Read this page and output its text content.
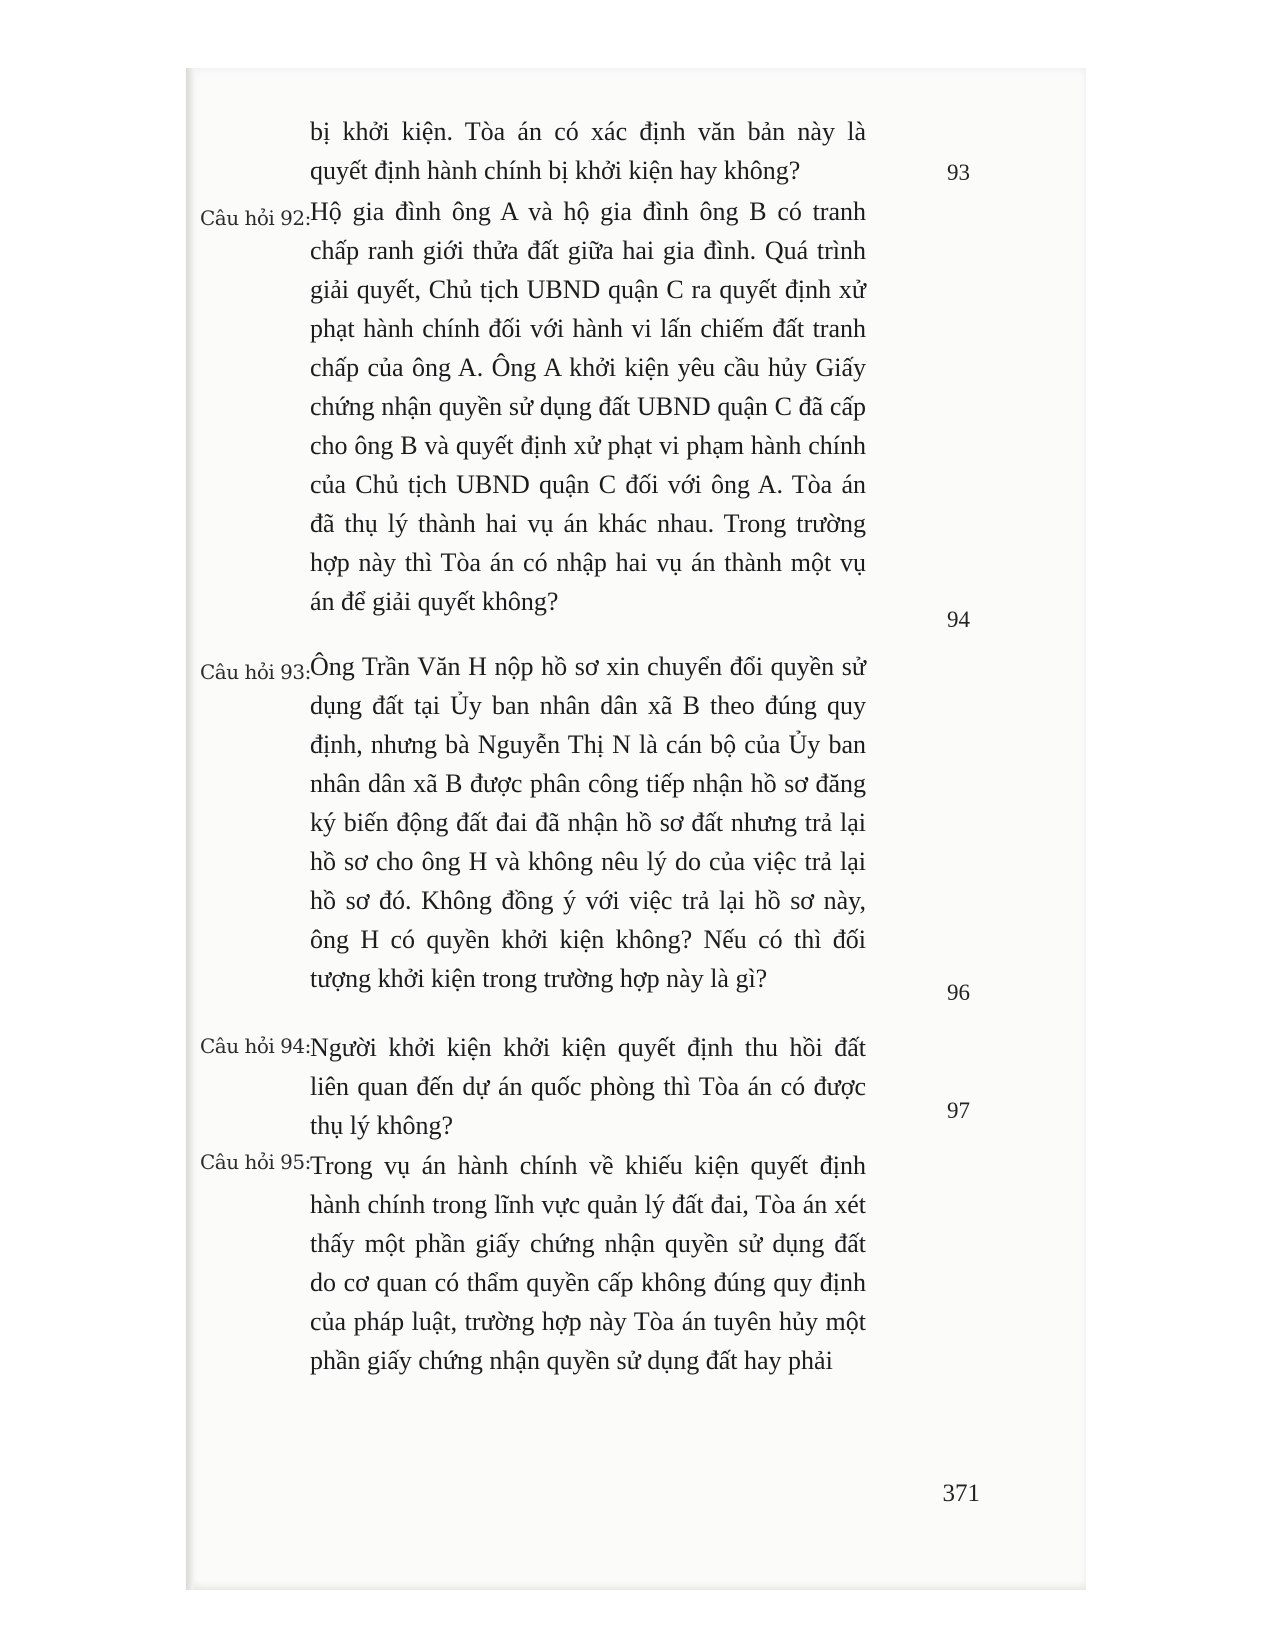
bị khởi kiện. Tòa án có xác định văn bản này là quyết định hành chính bị khởi kiện hay không?	93
Câu hỏi 92: Hộ gia đình ông A và hộ gia đình ông B có tranh chấp ranh giới thửa đất giữa hai gia đình. Quá trình giải quyết, Chủ tịch UBND quận C ra quyết định xử phạt hành chính đối với hành vi lấn chiếm đất tranh chấp của ông A. Ông A khởi kiện yêu cầu hủy Giấy chứng nhận quyền sử dụng đất UBND quận C đã cấp cho ông B và quyết định xử phạt vi phạm hành chính của Chủ tịch UBND quận C đối với ông A. Tòa án đã thụ lý thành hai vụ án khác nhau. Trong trường hợp này thì Tòa án có nhập hai vụ án thành một vụ án để giải quyết không?
94
Câu hỏi 93: Ông Trần Văn H nộp hồ sơ xin chuyển đổi quyền sử dụng đất tại Ủy ban nhân dân xã B theo đúng quy định, nhưng bà Nguyễn Thị N là cán bộ của Ủy ban nhân dân xã B được phân công tiếp nhận hồ sơ đăng ký biến động đất đai đã nhận hồ sơ đất nhưng trả lại hồ sơ cho ông H và không nêu lý do của việc trả lại hồ sơ đó. Không đồng ý với việc trả lại hồ sơ này, ông H có quyền khởi kiện không? Nếu có thì đối tượng khởi kiện trong trường hợp này là gì?	96
Câu hỏi 94: Người khởi kiện khởi kiện quyết định thu hồi đất liên quan đến dự án quốc phòng thì Tòa án có được thụ lý không?
97
Câu hỏi 95: Trong vụ án hành chính về khiếu kiện quyết định hành chính trong lĩnh vực quản lý đất đai, Tòa án xét thấy một phần giấy chứng nhận quyền sử dụng đất do cơ quan có thẩm quyền cấp không đúng quy định của pháp luật, trường hợp này Tòa án tuyên hủy một phần giấy chứng nhận quyền sử dụng đất hay phải
371
